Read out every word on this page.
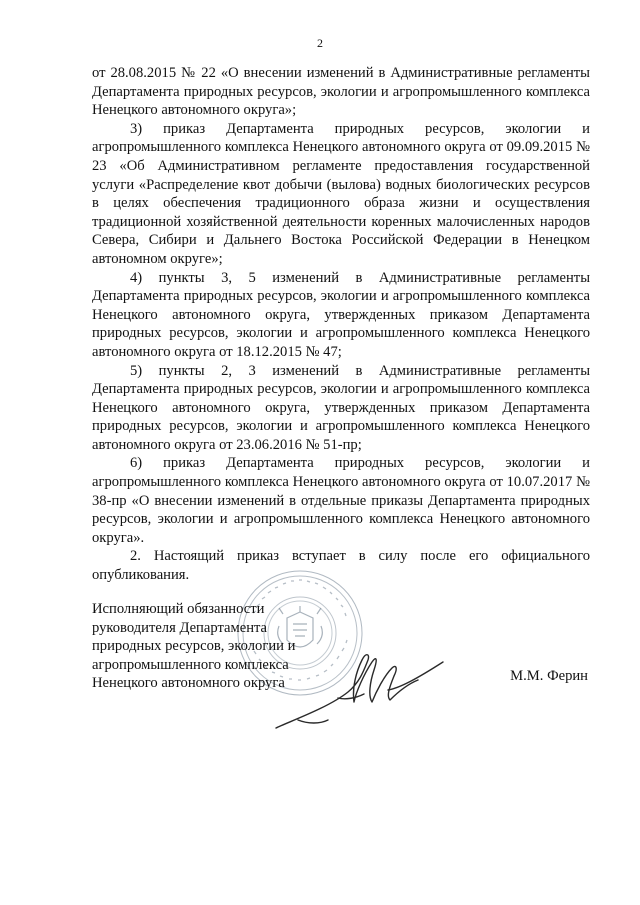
2

от 28.08.2015 № 22 «О внесении изменений в Административные регламенты Департамента природных ресурсов, экологии и агропромышленного комплекса Ненецкого автономного округа»;

3) приказ Департамента природных ресурсов, экологии и агропромышленного комплекса Ненецкого автономного округа от 09.09.2015 № 23 «Об Административном регламенте предоставления государственной услуги «Распределение квот добычи (вылова) водных биологических ресурсов в целях обеспечения традиционного образа жизни и осуществления традиционной хозяйственной деятельности коренных малочисленных народов Севера, Сибири и Дальнего Востока Российской Федерации в Ненецком автономном округе»;

4) пункты 3, 5 изменений в Административные регламенты Департамента природных ресурсов, экологии и агропромышленного комплекса Ненецкого автономного округа, утвержденных приказом Департамента природных ресурсов, экологии и агропромышленного комплекса Ненецкого автономного округа от 18.12.2015 № 47;

5) пункты 2, 3 изменений в Административные регламенты Департамента природных ресурсов, экологии и агропромышленного комплекса Ненецкого автономного округа, утвержденных приказом Департамента природных ресурсов, экологии и агропромышленного комплекса Ненецкого автономного округа от 23.06.2016 № 51-пр;

6) приказ Департамента природных ресурсов, экологии и агропромышленного комплекса Ненецкого автономного округа от 10.07.2017 № 38-пр «О внесении изменений в отдельные приказы Департамента природных ресурсов, экологии и агропромышленного комплекса Ненецкого автономного округа».

2. Настоящий приказ вступает в силу после его официального опубликования.

Исполняющий обязанности
руководителя Департамента
природных ресурсов, экологии и
агропромышленного комплекса
Ненецкого автономного округа	М.М. Ферин
